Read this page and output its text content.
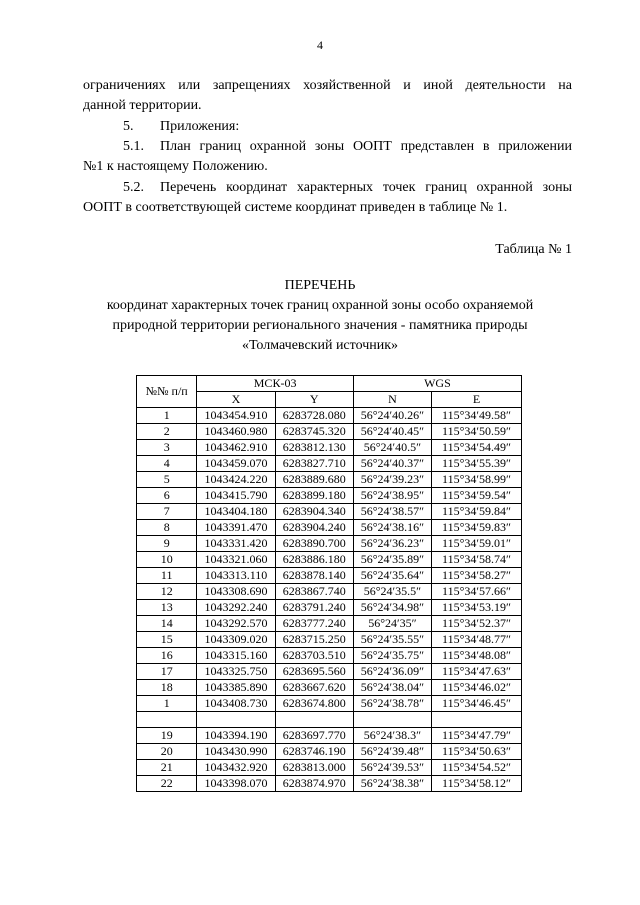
4
ограничениях или запрещениях хозяйственной и иной деятельности на
данной территории.
5. Приложения:
5.1. План границ охранной зоны ООПТ представлен в приложении
№1 к настоящему Положению.
5.2. Перечень координат характерных точек границ охранной зоны
ООПТ в соответствующей системе координат приведен в таблице № 1.
Таблица № 1
ПЕРЕЧЕНЬ
координат характерных точек границ охранной зоны особо охраняемой
природной территории регионального значения - памятника природы
«Толмачевский источник»
№№ п/п	МСК-03		WGS	
	X	Y	N	E
1	1043454.910	6283728.080	56°24′40.26″	115°34′49.58″
2	1043460.980	6283745.320	56°24′40.45″	115°34′50.59″
3	1043462.910	6283812.130	56°24′40.5″	115°34′54.49″
4	1043459.070	6283827.710	56°24′40.37″	115°34′55.39″
5	1043424.220	6283889.680	56°24′39.23″	115°34′58.99″
6	1043415.790	6283899.180	56°24′38.95″	115°34′59.54″
7	1043404.180	6283904.340	56°24′38.57″	115°34′59.84″
8	1043391.470	6283904.240	56°24′38.16″	115°34′59.83″
9	1043331.420	6283890.700	56°24′36.23″	115°34′59.01″
10	1043321.060	6283886.180	56°24′35.89″	115°34′58.74″
11	1043313.110	6283878.140	56°24′35.64″	115°34′58.27″
12	1043308.690	6283867.740	56°24′35.5″	115°34′57.66″
13	1043292.240	6283791.240	56°24′34.98″	115°34′53.19″
14	1043292.570	6283777.240	56°24′35″	115°34′52.37″
15	1043309.020	6283715.250	56°24′35.55″	115°34′48.77″
16	1043315.160	6283703.510	56°24′35.75″	115°34′48.08″
17	1043325.750	6283695.560	56°24′36.09″	115°34′47.63″
18	1043385.890	6283667.620	56°24′38.04″	115°34′46.02″
1	1043408.730	6283674.800	56°24′38.78″	115°34′46.45″

19	1043394.190	6283697.770	56°24′38.3″	115°34′47.79″
20	1043430.990	6283746.190	56°24′39.48″	115°34′50.63″
21	1043432.920	6283813.000	56°24′39.53″	115°34′54.52″
22	1043398.070	6283874.970	56°24′38.38″	115°34′58.12″
